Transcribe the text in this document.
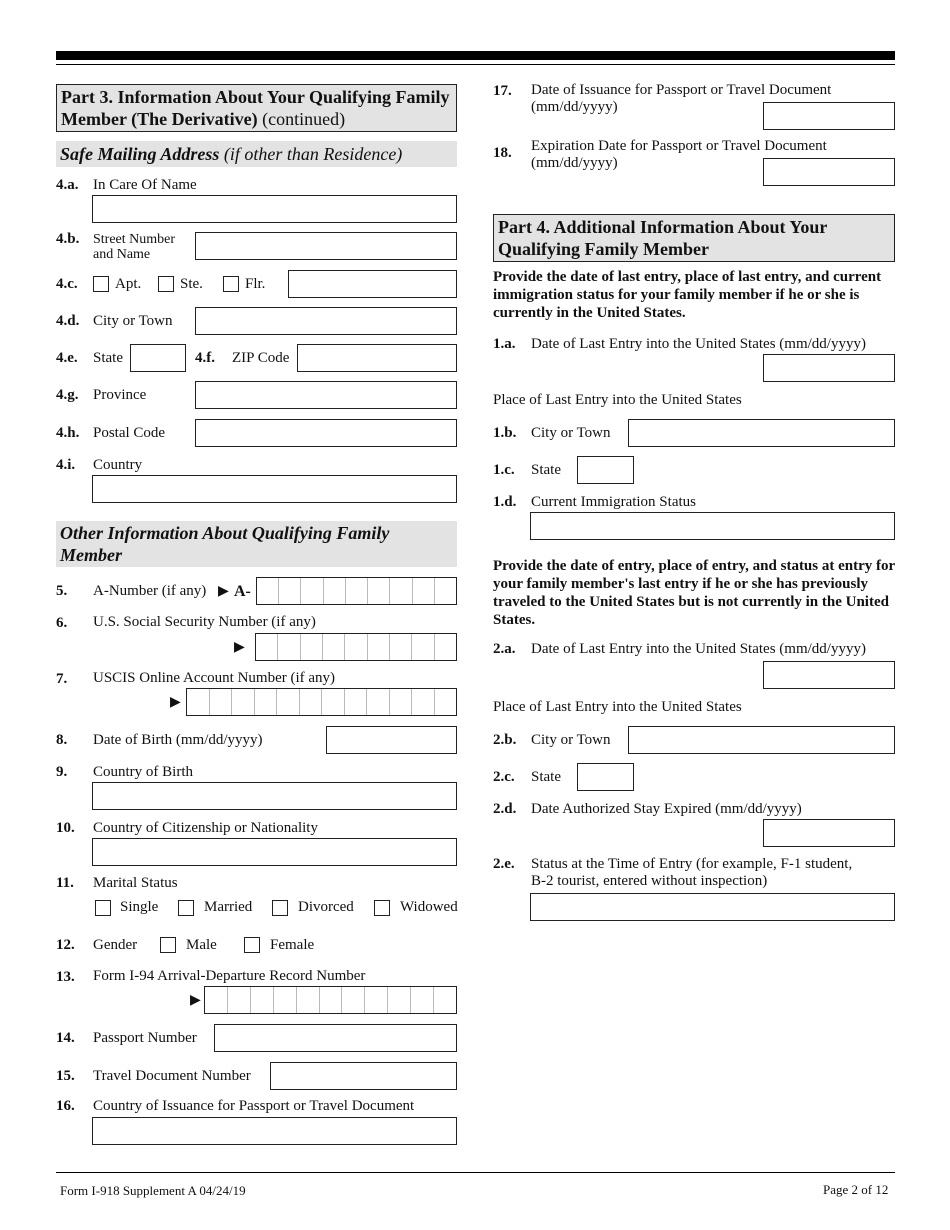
Part 3. Information About Your Qualifying Family Member (The Derivative) (continued)
Safe Mailing Address (if other than Residence)
4.a. In Care Of Name
4.b. Street Number
and Name
4.c. Apt.	Ste.	Flr.
4.d. City or Town
4.e. State	4.f. ZIP Code
4.g. Province
4.h. Postal Code
4.i. Country
Other Information About Qualifying Family Member
5. A-Number (if any) ▶ A-
6. U.S. Social Security Number (if any)
▶
7. USCIS Online Account Number (if any)
▶
8. Date of Birth (mm/dd/yyyy)
9. Country of Birth
10. Country of Citizenship or Nationality
11. Marital Status
Single	Married	Divorced	Widowed
12. Gender	Male	Female
13. Form I-94 Arrival-Departure Record Number
▶
14. Passport Number
15. Travel Document Number
16. Country of Issuance for Passport or Travel Document
17. Date of Issuance for Passport or Travel Document
(mm/dd/yyyy)
18. Expiration Date for Passport or Travel Document
(mm/dd/yyyy)
Part 4. Additional Information About Your Qualifying Family Member
Provide the date of last entry, place of last entry, and current immigration status for your family member if he or she is currently in the United States.
1.a. Date of Last Entry into the United States (mm/dd/yyyy)
Place of Last Entry into the United States
1.b. City or Town
1.c. State
1.d. Current Immigration Status
Provide the date of entry, place of entry, and status at entry for your family member's last entry if he or she has previously traveled to the United States but is not currently in the United States.
2.a. Date of Last Entry into the United States (mm/dd/yyyy)
Place of Last Entry into the United States
2.b. City or Town
2.c. State
2.d. Date Authorized Stay Expired (mm/dd/yyyy)
2.e. Status at the Time of Entry (for example, F-1 student,
B-2 tourist, entered without inspection)
Form I-918 Supplement A 04/24/19	Page 2 of 12
